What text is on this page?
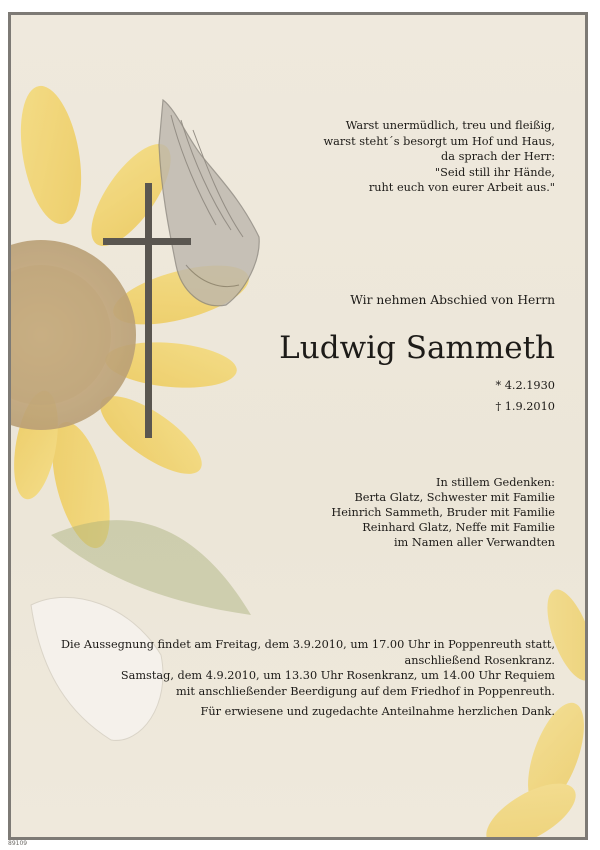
Warst unermüdlich, treu und fleißig,
warst steht´s besorgt um Hof und Haus,
da sprach der Herr:
"Seid still ihr Hände,
ruht euch von eurer Arbeit aus."
Wir nehmen Abschied von Herrn
Ludwig Sammeth
* 4.2.1930
† 1.9.2010
In stillem Gedenken:
Berta Glatz, Schwester mit Familie
Heinrich Sammeth, Bruder mit Familie
Reinhard Glatz, Neffe mit Familie
im Namen aller Verwandten
Die Aussegnung findet am Freitag, dem 3.9.2010, um 17.00 Uhr in Poppenreuth statt,
anschließend Rosenkranz.
Samstag, dem 4.9.2010, um 13.30 Uhr Rosenkranz, um 14.00 Uhr Requiem
mit anschließender Beerdigung auf dem Friedhof in Poppenreuth.
Für erwiesene und zugedachte Anteilnahme herzlichen Dank.
89109
